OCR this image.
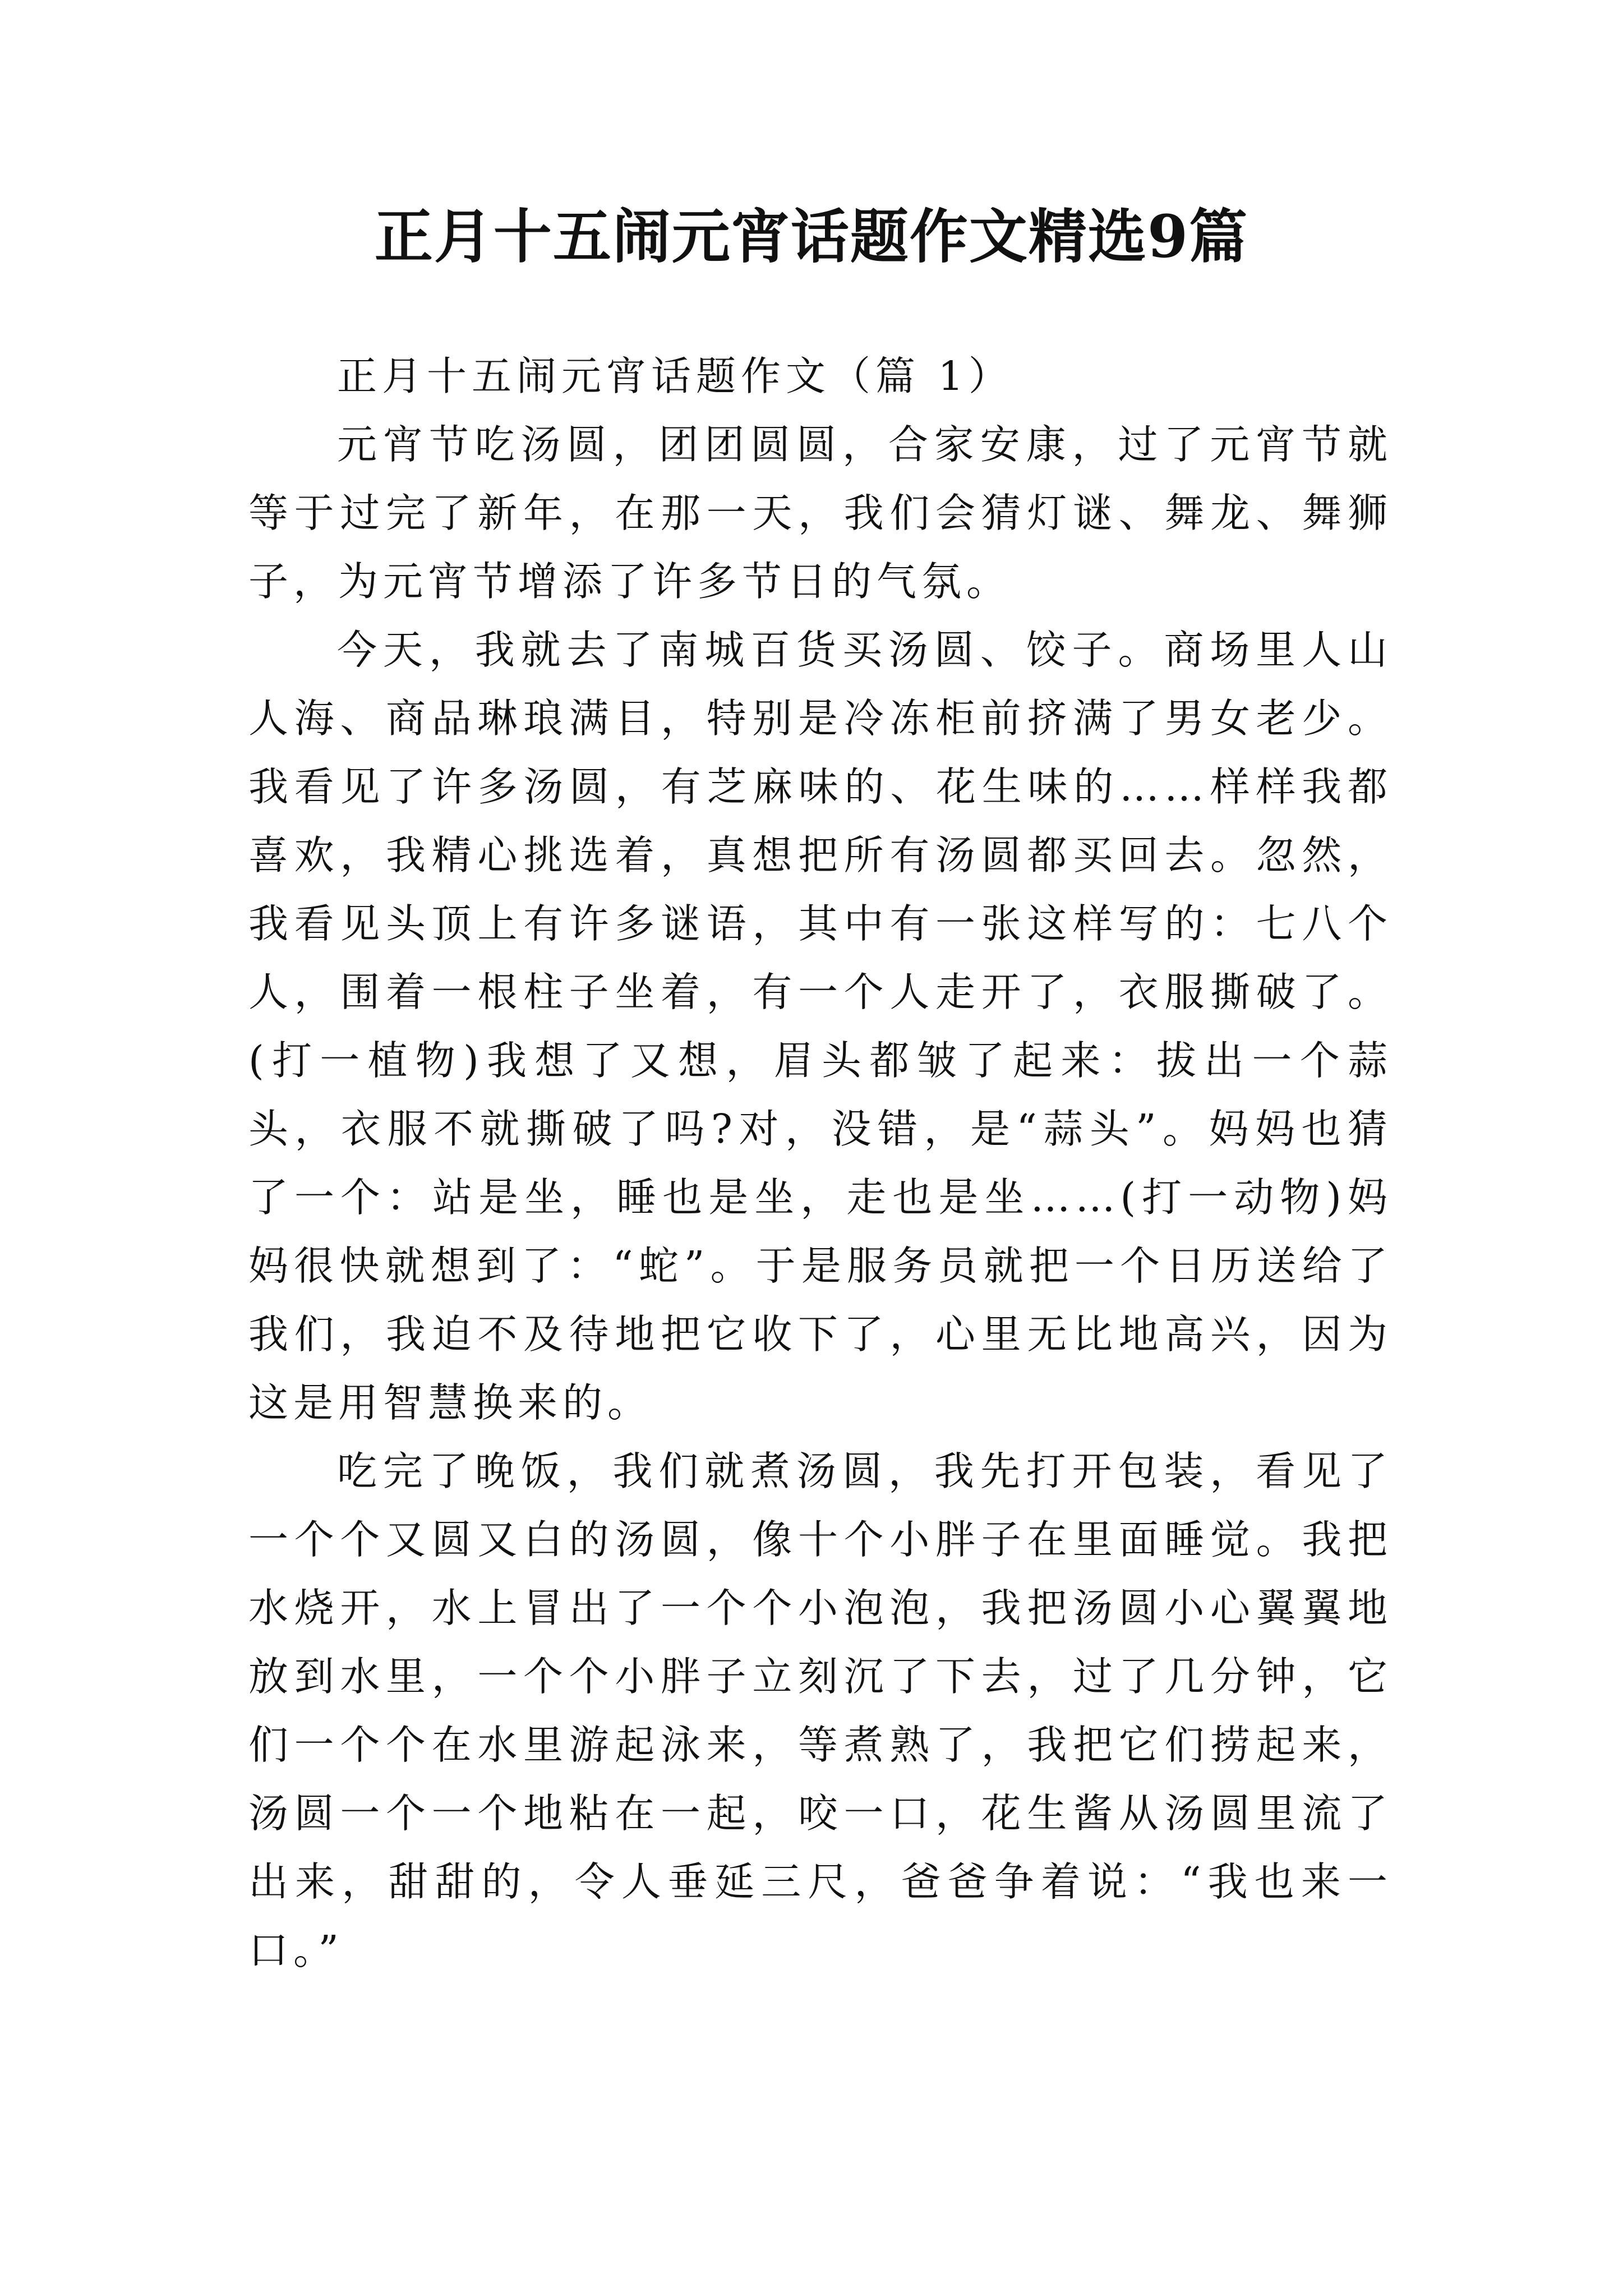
正月十五闹元宵话题作文精选9篇
正月十五闹元宵话题作文（篇 1）

元宵节吃汤圆，团团圆圆，合家安康，过了元宵节就等于过完了新年，在那一天，我们会猜灯谜、舞龙、舞狮子，为元宵节增添了许多节日的气氛。

今天，我就去了南城百货买汤圆、饺子。商场里人山人海、商品琳琅满目，特别是冷冻柜前挤满了男女老少。我看见了许多汤圆，有芝麻味的、花生味的……样样我都喜欢，我精心挑选着，真想把所有汤圆都买回去。忽然，我看见头顶上有许多谜语，其中有一张这样写的：七八个人，围着一根柱子坐着，有一个人走开了，衣服撕破了。(打一植物)我想了又想，眉头都皱了起来：拔出一个蒜头，衣服不就撕破了吗?对，没错，是“蒜头”。妈妈也猜了一个：站是坐，睡也是坐，走也是坐……(打一动物)妈妈很快就想到了：“蛇”。于是服务员就把一个日历送给了我们，我迫不及待地把它收下了，心里无比地高兴，因为这是用智慧换来的。

吃完了晚饭，我们就煮汤圆，我先打开包装，看见了一个个又圆又白的汤圆，像十个小胖子在里面睡觉。我把水烧开，水上冒出了一个个小泡泡，我把汤圆小心翼翼地放到水里，一个个小胖子立刻沉了下去，过了几分钟，它们一个个在水里游起泳来，等煮熟了，我把它们捞起来，汤圆一个一个地粘在一起，咬一口，花生酱从汤圆里流了出来，甜甜的，令人垂延三尺，爸爸争着说：“我也来一口。”
